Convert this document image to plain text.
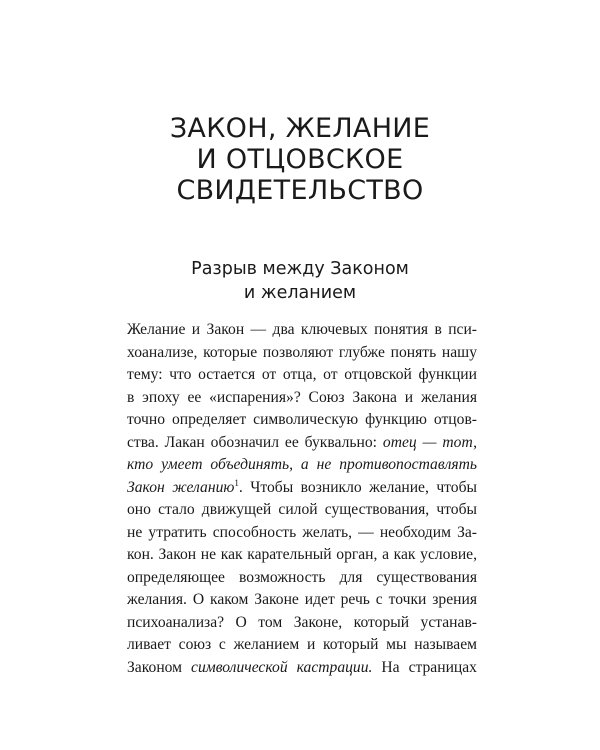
ЗАКОН, ЖЕЛАНИЕ
И ОТЦОВСКОЕ
СВИДЕТЕЛЬСТВО
Разрыв между Законом
и желанием
Желание и Закон — два ключевых понятия в пси-
хоанализе, которые позволяют глубже понять нашу
тему: что остается от отца, от отцовской функции
в эпоху ее «испарения»? Союз Закона и желания
точно определяет символическую функцию отцов-
ства. Лакан обозначил ее буквально: отец — тот,
кто умеет объединять, а не противопоставлять
Закон желанию$^1$. Чтобы возникло желание, чтобы
оно стало движущей силой существования, чтобы
не утратить способность желать, — необходим За-
кон. Закон не как карательный орган, а как условие,
определяющее возможность для существования
желания. О каком Законе идет речь с точки зрения
психоанализа? О том Законе, который устанав-
ливает союз с желанием и который мы называем
Законом символической кастрации. На страницах
